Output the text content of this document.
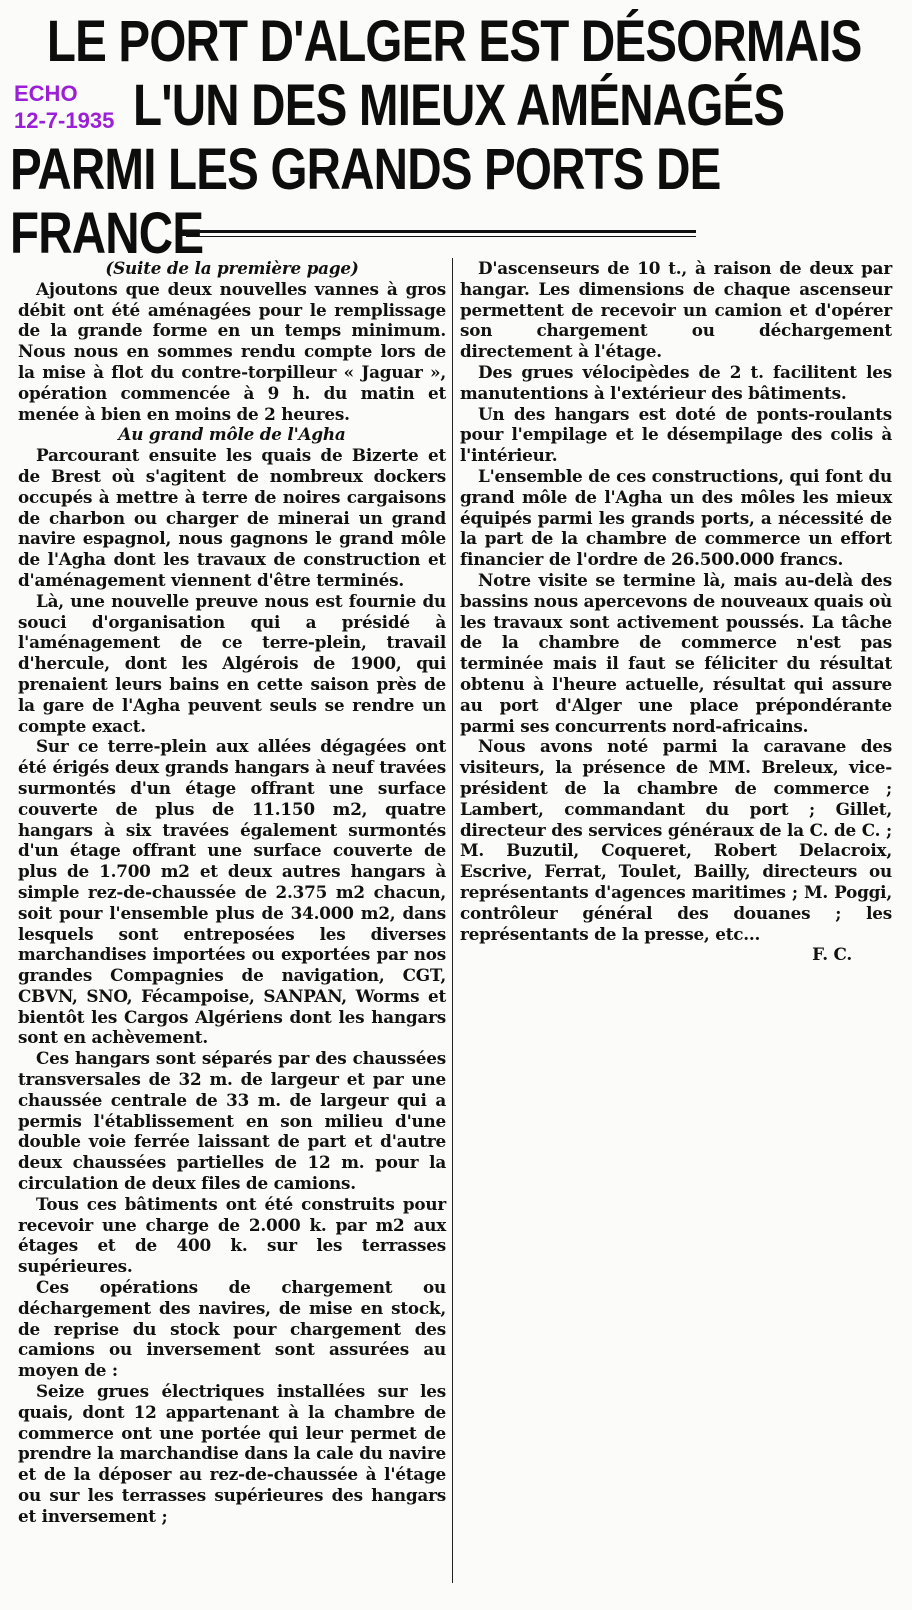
ECHO
12-7-1935
LE PORT D'ALGER EST DÉSORMAIS
L'UN DES MIEUX AMÉNAGÉS
PARMI LES GRANDS PORTS DE FRANCE

(Suite de la première page)

Ajoutons que deux nouvelles vannes à gros débit ont été aménagées pour le remplissage de la grande forme en un temps minimum. Nous nous en sommes rendu compte lors de la mise à flot du contre-torpilleur « Jaguar », opération commencée à 9 h. du matin et menée à bien en moins de 2 heures.

Au grand môle de l'Agha

Parcourant ensuite les quais de Bizerte et de Brest où s'agitent de nombreux dockers occupés à mettre à terre de noires cargaisons de charbon ou charger de minerai un grand navire espagnol, nous gagnons le grand môle de l'Agha dont les travaux de construction et d'aménagement viennent d'être terminés.

Là, une nouvelle preuve nous est fournie du souci d'organisation qui a présidé à l'aménagement de ce terre-plein, travail d'hercule, dont les Algérois de 1900, qui prenaient leurs bains en cette saison près de la gare de l'Agha peuvent seuls se rendre un compte exact.

Sur ce terre-plein aux allées dégagées ont été érigés deux grands hangars à neuf travées surmontés d'un étage offrant une surface couverte de plus de 11.150 m2, quatre hangars à six travées également surmontés d'un étage offrant une surface couverte de plus de 1.700 m2 et deux autres hangars à simple rez-de-chaussée de 2.375 m2 chacun, soit pour l'ensemble plus de 34.000 m2, dans lesquels sont entreposées les diverses marchandises importées ou exportées par nos grandes Compagnies de navigation, CGT, CBVN, SNO, Fécampoise, SANPAN, Worms et bientôt les Cargos Algériens dont les hangars sont en achèvement.

Ces hangars sont séparés par des chaussées transversales de 32 m. de largeur et par une chaussée centrale de 33 m. de largeur qui a permis l'établissement en son milieu d'une double voie ferrée laissant de part et d'autre deux chaussées partielles de 12 m. pour la circulation de deux files de camions.

Tous ces bâtiments ont été construits pour recevoir une charge de 2.000 k. par m2 aux étages et de 400 k. sur les terrasses supérieures.

Ces opérations de chargement ou déchargement des navires, de mise en stock, de reprise du stock pour chargement des camions ou inversement sont assurées au moyen de :

Seize grues électriques installées sur les quais, dont 12 appartenant à la chambre de commerce ont une portée qui leur permet de prendre la marchandise dans la cale du navire et de la déposer au rez-de-chaussée à l'étage ou sur les terrasses supérieures des hangars et inversement ;

D'ascenseurs de 10 t., à raison de deux par hangar. Les dimensions de chaque ascenseur permettent de recevoir un camion et d'opérer son chargement ou déchargement directement à l'étage.

Des grues vélocipèdes de 2 t. facilitent les manutentions à l'extérieur des bâtiments.

Un des hangars est doté de ponts-roulants pour l'empilage et le désempilage des colis à l'intérieur.

L'ensemble de ces constructions, qui font du grand môle de l'Agha un des môles les mieux équipés parmi les grands ports, a nécessité de la part de la chambre de commerce un effort financier de l'ordre de 26.500.000 francs.

Notre visite se termine là, mais au-delà des bassins nous apercevons de nouveaux quais où les travaux sont activement poussés. La tâche de la chambre de commerce n'est pas terminée mais il faut se féliciter du résultat obtenu à l'heure actuelle, résultat qui assure au port d'Alger une place prépondérante parmi ses concurrents nord-africains.

Nous avons noté parmi la caravane des visiteurs, la présence de MM. Breleux, vice-président de la chambre de commerce ; Lambert, commandant du port ; Gillet, directeur des services généraux de la C. de C. ; M. Buzutil, Coqueret, Robert Delacroix, Escrive, Ferrat, Toulet, Bailly, directeurs ou représentants d'agences maritimes ; M. Poggi, contrôleur général des douanes ; les représentants de la presse, etc...

F. C.
